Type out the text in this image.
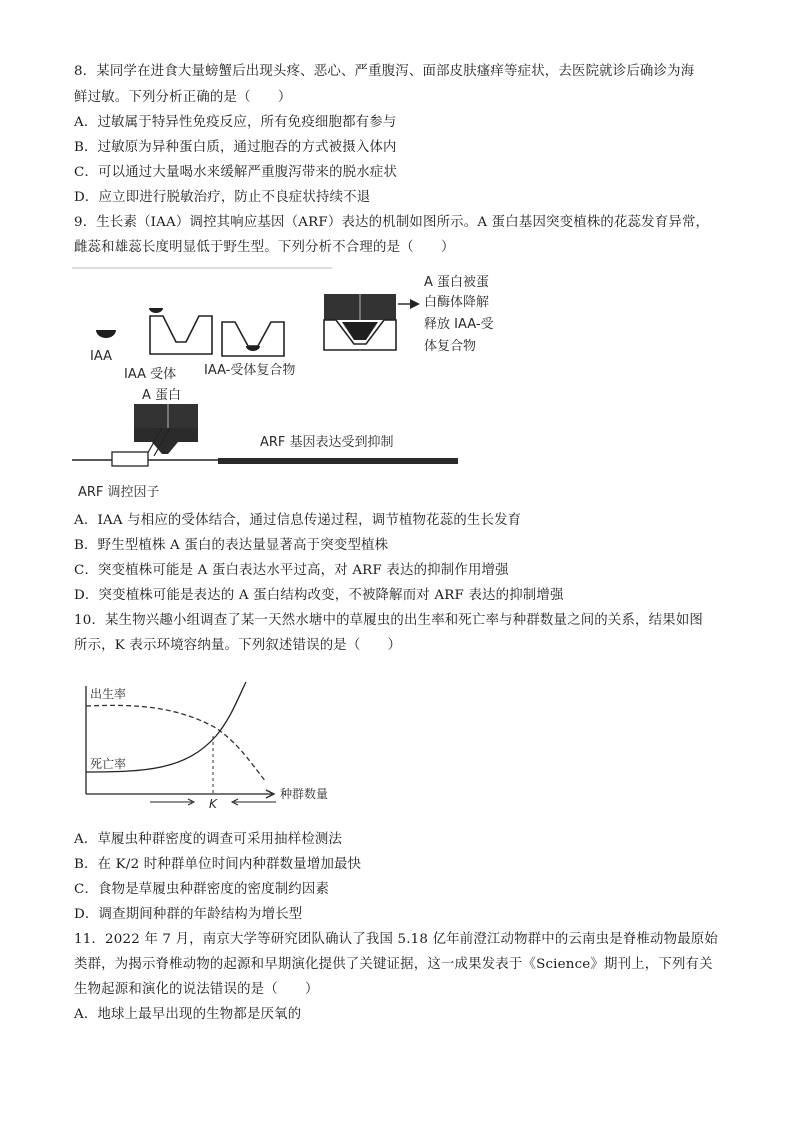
8．某同学在进食大量螃蟹后出现头疼、恶心、严重腹泻、面部皮肤瘙痒等症状，去医院就诊后确诊为海
鲜过敏。下列分析正确的是（　　）
A．过敏属于特异性免疫反应，所有免疫细胞都有参与
B．过敏原为异种蛋白质，通过胞吞的方式被摄入体内
C．可以通过大量喝水来缓解严重腹泻带来的脱水症状
D．应立即进行脱敏治疗，防止不良症状持续不退
9．生长素（IAA）调控其响应基因（ARF）表达的机制如图所示。A 蛋白基因突变植株的花蕊发育异常，
雌蕊和雄蕊长度明显低于野生型。下列分析不合理的是（　　）
IAA
IAA 受体 IAA-受体复合物
A 蛋白被蛋
白酶体降解
释放 IAA-受
体复合物
A 蛋白
ARF 基因表达受到抑制
ARF 调控因子
A．IAA 与相应的受体结合，通过信息传递过程，调节植物花蕊的生长发育
B．野生型植株 A 蛋白的表达量显著高于突变型植株
C．突变植株可能是 A 蛋白表达水平过高，对 ARF 表达的抑制作用增强
D．突变植株可能是表达的 A 蛋白结构改变，不被降解而对 ARF 表达的抑制增强
10．某生物兴趣小组调查了某一天然水塘中的草履虫的出生率和死亡率与种群数量之间的关系，结果如图
所示，K 表示环境容纳量。下列叙述错误的是（　　）
出生率
死亡率
K
种群数量
A．草履虫种群密度的调查可采用抽样检测法
B．在 K/2 时种群单位时间内种群数量增加最快
C．食物是草履虫种群密度的密度制约因素
D．调查期间种群的年龄结构为增长型
11．2022 年 7 月，南京大学等研究团队确认了我国 5.18 亿年前澄江动物群中的云南虫是脊椎动物最原始
类群，为揭示脊椎动物的起源和早期演化提供了关键证据，这一成果发表于《Science》期刊上，下列有关
生物起源和演化的说法错误的是（　　）
A．地球上最早出现的生物都是厌氧的
